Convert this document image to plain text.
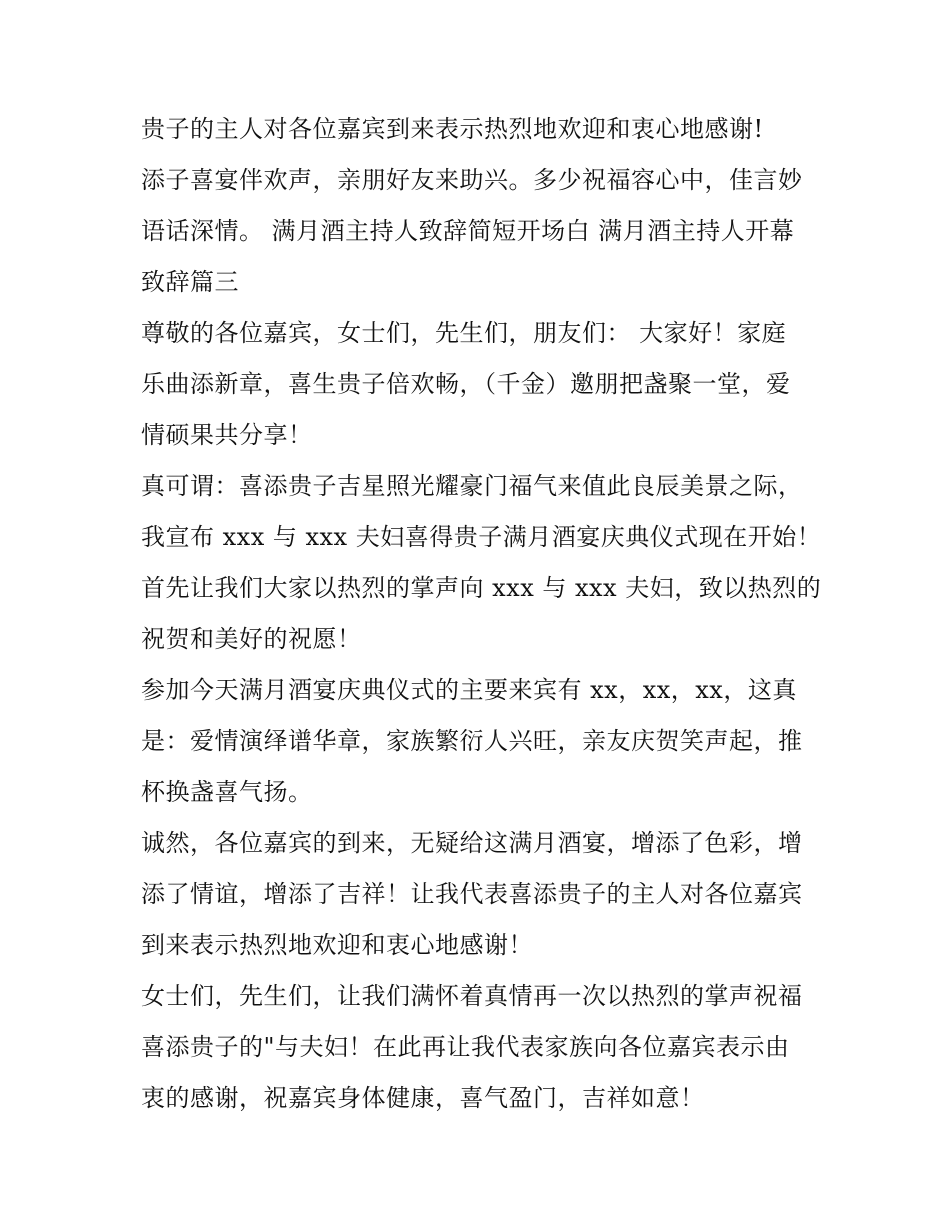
贵子的主人对各位嘉宾到来表示热烈地欢迎和衷心地感谢!
添子喜宴伴欢声，亲朋好友来助兴。多少祝福容心中，佳言妙
语话深情。 满月酒主持人致辞简短开场白 满月酒主持人开幕
致辞篇三
尊敬的各位嘉宾，女士们，先生们，朋友们： 大家好！家庭
乐曲添新章，喜生贵子倍欢畅，（千金）邀朋把盏聚一堂，爱
情硕果共分享！
真可谓：喜添贵子吉星照光耀豪门福气来值此良辰美景之际，
我宣布 xxx 与 xxx 夫妇喜得贵子满月酒宴庆典仪式现在开始！
首先让我们大家以热烈的掌声向 xxx 与 xxx 夫妇，致以热烈的
祝贺和美好的祝愿！
参加今天满月酒宴庆典仪式的主要来宾有 xx，xx，xx，这真
是：爱情演绎谱华章，家族繁衍人兴旺，亲友庆贺笑声起，推
杯换盏喜气扬。
诚然，各位嘉宾的到来，无疑给这满月酒宴，增添了色彩，增
添了情谊，增添了吉祥！让我代表喜添贵子的主人对各位嘉宾
到来表示热烈地欢迎和衷心地感谢！
女士们，先生们，让我们满怀着真情再一次以热烈的掌声祝福
喜添贵子的"与夫妇！在此再让我代表家族向各位嘉宾表示由
衷的感谢，祝嘉宾身体健康，喜气盈门，吉祥如意！
